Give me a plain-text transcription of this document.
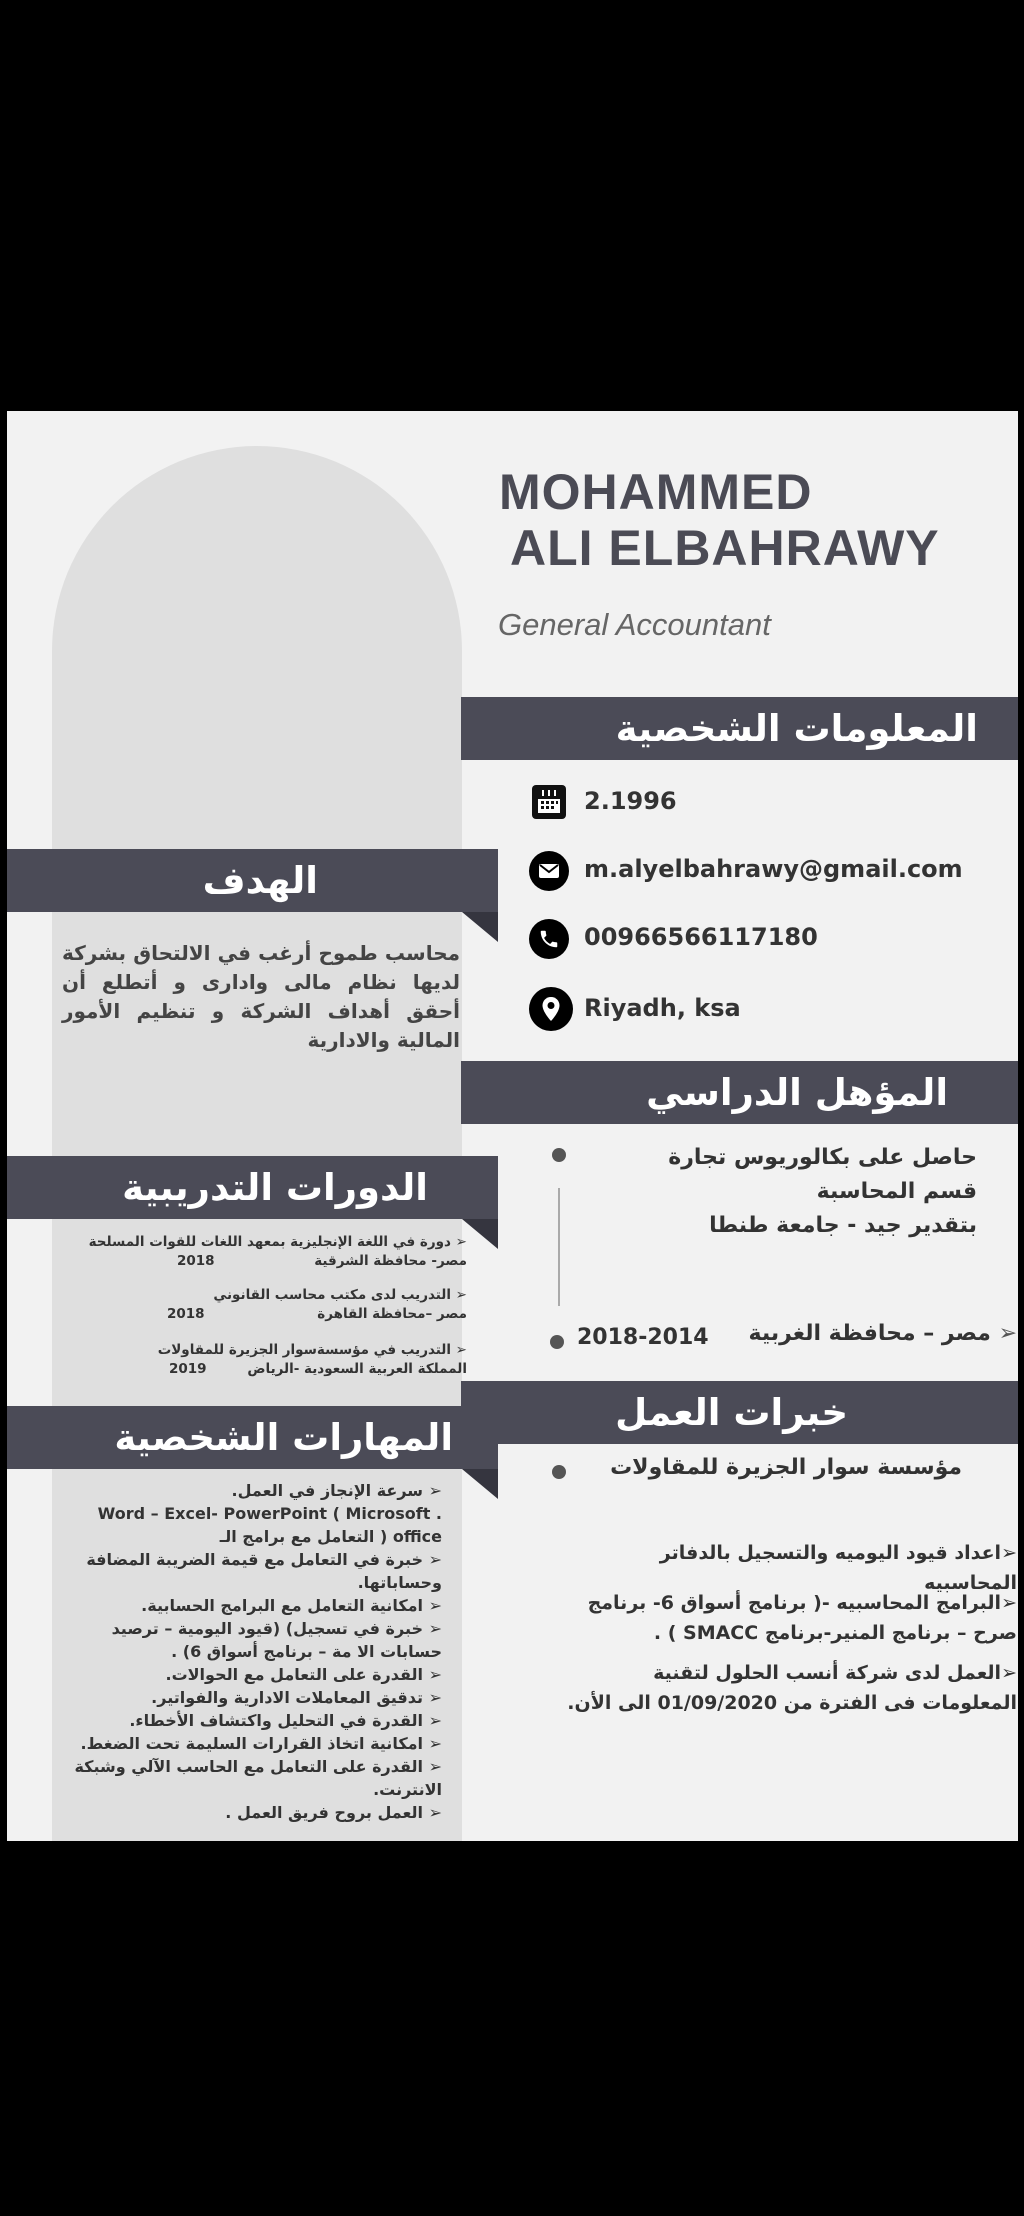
MOHAMMED
ALI ELBAHRAWY
General Accountant
المعلومات الشخصية
2.1996
m.alyelbahrawy@gmail.com
00966566117180
Riyadh, ksa
الهدف
محاسب طموح أرغب في الالتحاق بشركة لديها نظام مالى وادارى و أتطلع أن أحقق أهداف الشركة و تنظيم الأمور المالية والادارية
المؤهل الدراسي
حاصل على بكالوريوس تجارة قسم المحاسبة
بتقدير جيد - جامعة طنطا
2018-2014	➢ مصر – محافظة الغربية
الدورات التدريبية
➢ دورة في اللغة الإنجليزية بمعهد اللغات للقوات المسلحة
مصر- محافظة الشرقية
2018
➢ التدريب لدى مكتب محاسب القانوني
مصر –محافظة القاهرة
2018
➢ التدريب في مؤسسةسوار الجزيرة للمقاولات
المملكة العربية السعودية -الرياض
2019
خبرات العمل
مؤسسة سوار الجزيرة للمقاولات
➢اعداد قيود اليوميه والتسجيل بالدفاتر المحاسبيه
➢البرامج المحاسبيه -( برنامج أسواق 6- برنامج صرح – برنامج المنير-برنامج SMACC ) .
➢العمل لدى شركة أنسب الحلول لتقنية المعلومات فى الفترة من 01/09/2020 الى الأن.
المهارات الشخصية
➢ سرعة الإنجاز في العمل.
Word – Excel- PowerPoint ( Microsoft .
office ( التعامل مع برامج الـ
➢ خبرة في التعامل مع قيمة الضريبة المضافة وحساباتها.
➢ امكانية التعامل مع البرامج الحسابية.
➢ خبرة في تسجيل) (قيود اليومية – ترصيد حسابات الا مة – برنامج أسواق 6) .
➢ القدرة على التعامل مع الحوالات.
➢ تدقيق المعاملات الادارية والفواتير.
➢ القدرة في التحليل واكتشاف الأخطاء.
➢ امكانية اتخاذ القرارات السليمة تحت الضغط.
➢ القدرة على التعامل مع الحاسب الآلي وشبكة الانترنت.
➢ العمل بروح فريق العمل .
